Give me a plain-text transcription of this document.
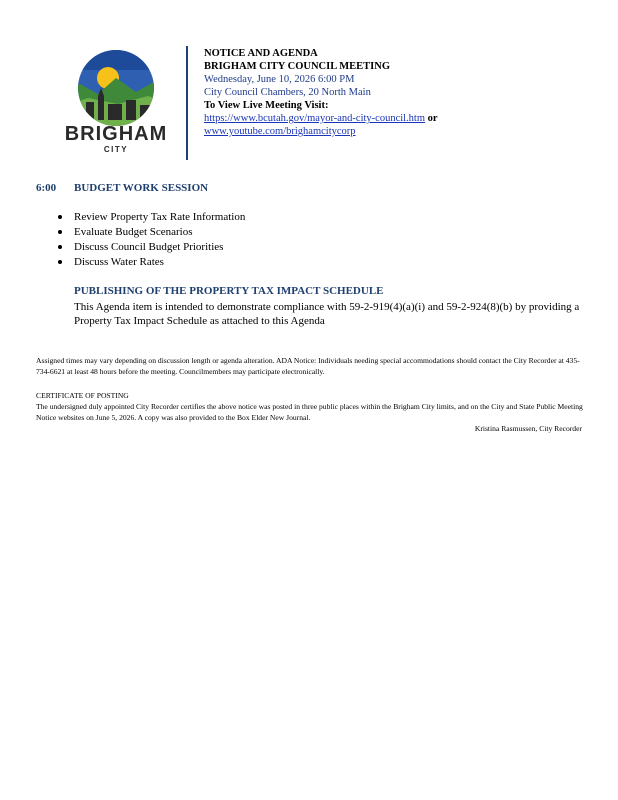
BRIGHAM
CITY
NOTICE AND AGENDA
BRIGHAM CITY COUNCIL MEETING
Wednesday, June 10, 2026 6:00 PM
City Council Chambers, 20 North Main
To View Live Meeting Visit:
https://www.bcutah.gov/mayor-and-city-council.htm or
www.youtube.com/brighamcitycorp
6:00 BUDGET WORK SESSION
Review Property Tax Rate Information
Evaluate Budget Scenarios
Discuss Council Budget Priorities
Discuss Water Rates
PUBLISHING OF THE PROPERTY TAX IMPACT SCHEDULE
This Agenda item is intended to demonstrate compliance with 59-2-919(4)(a)(i) and 59-2-924(8)(b) by providing a Property Tax Impact Schedule as attached to this Agenda
Assigned times may vary depending on discussion length or agenda alteration. ADA Notice: Individuals needing special accommodations should contact the City Recorder at 435-734-6621 at least 48 hours before the meeting. Councilmembers may participate electronically.
CERTIFICATE OF POSTING
The undersigned duly appointed City Recorder certifies the above notice was posted in three public places within the Brigham City limits, and on the City and State Public Meeting Notice websites on June 5, 2026. A copy was also provided to the Box Elder New Journal.
Kristina Rasmussen, City Recorder
